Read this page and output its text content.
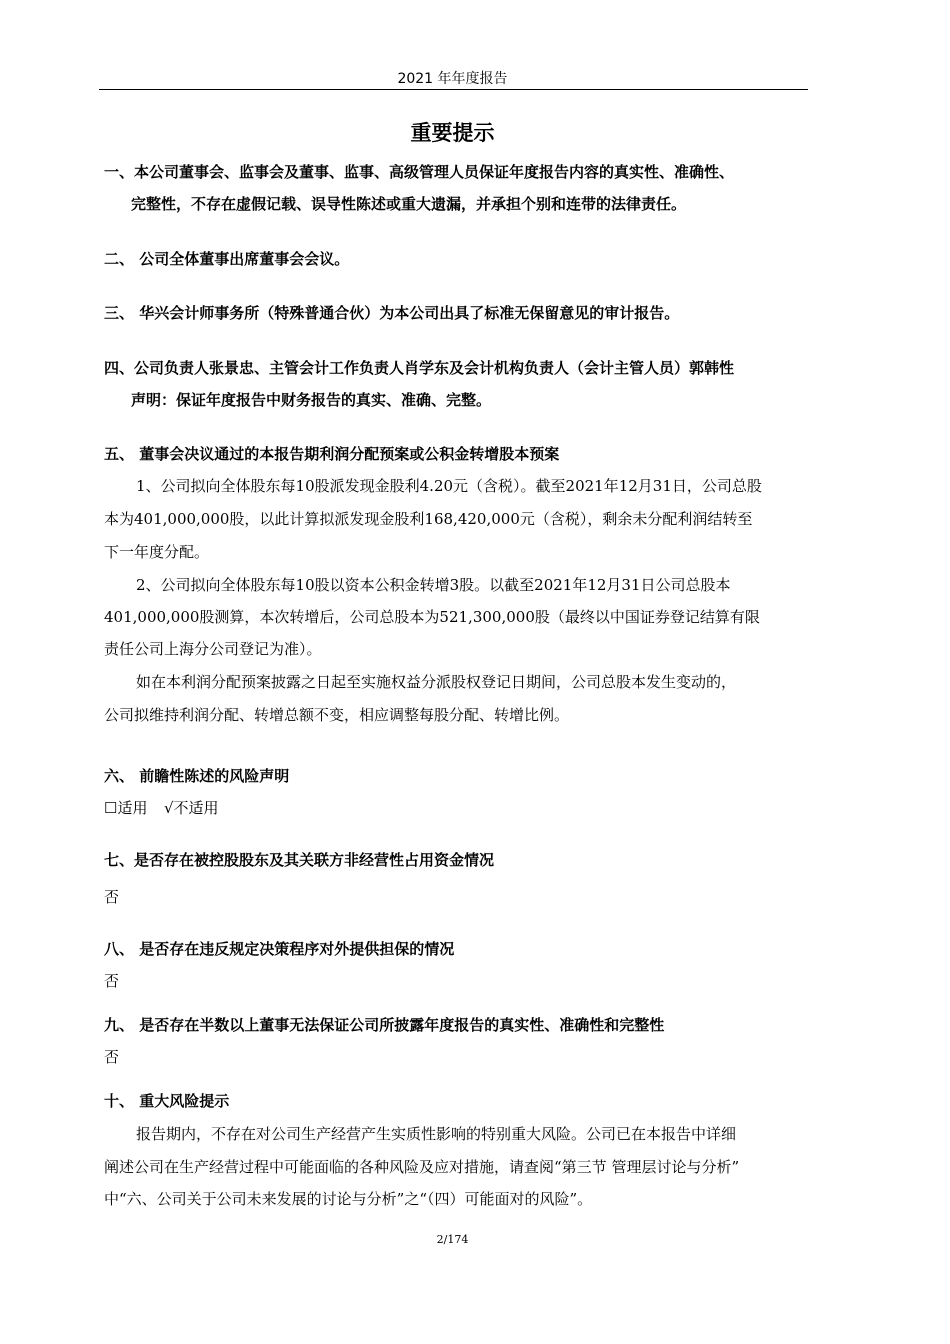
2021 年年度报告
重要提示
一、本公司董事会、监事会及董事、监事、高级管理人员保证年度报告内容的真实性、准确性、
完整性，不存在虚假记载、误导性陈述或重大遗漏，并承担个别和连带的法律责任。
二、 公司全体董事出席董事会会议。
三、 华兴会计师事务所（特殊普通合伙）为本公司出具了标准无保留意见的审计报告。
四、公司负责人张景忠、主管会计工作负责人肖学东及会计机构负责人（会计主管人员）郭韩性
声明：保证年度报告中财务报告的真实、准确、完整。
五、 董事会决议通过的本报告期利润分配预案或公积金转增股本预案
1、公司拟向全体股东每10股派发现金股利4.20元（含税）。截至2021年12月31日，公司总股
本为401,000,000股，以此计算拟派发现金股利168,420,000元（含税），剩余未分配利润结转至
下一年度分配。
2、公司拟向全体股东每10股以资本公积金转增3股。以截至2021年12月31日公司总股本
401,000,000股测算，本次转增后，公司总股本为521,300,000股（最终以中国证券登记结算有限
责任公司上海分公司登记为准）。
如在本利润分配预案披露之日起至实施权益分派股权登记日期间，公司总股本发生变动的，
公司拟维持利润分配、转增总额不变，相应调整每股分配、转增比例。
六、 前瞻性陈述的风险声明
☐适用 √不适用
七、是否存在被控股股东及其关联方非经营性占用资金情况
否
八、 是否存在违反规定决策程序对外提供担保的情况
否
九、 是否存在半数以上董事无法保证公司所披露年度报告的真实性、准确性和完整性
否
十、 重大风险提示
报告期内，不存在对公司生产经营产生实质性影响的特别重大风险。公司已在本报告中详细
阐述公司在生产经营过程中可能面临的各种风险及应对措施，请查阅“第三节 管理层讨论与分析”
中“六、公司关于公司未来发展的讨论与分析”之“（四）可能面对的风险”。
2/174
